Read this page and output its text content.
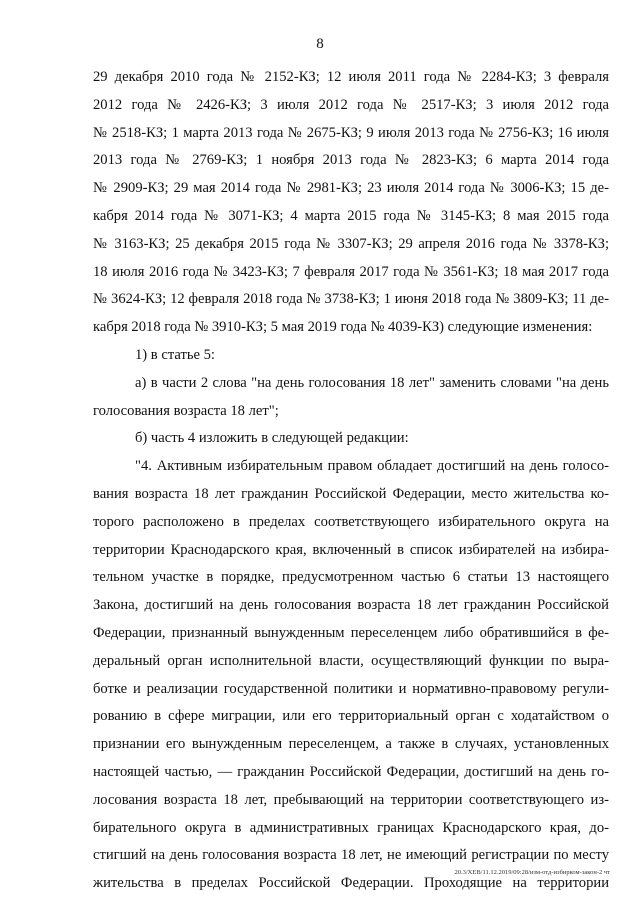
8
29 декабря 2010 года № 2152-КЗ; 12 июля 2011 года № 2284-КЗ; 3 февраля
2012 года № 2426-КЗ; 3 июля 2012 года № 2517-КЗ; 3 июля 2012 года
№ 2518-КЗ; 1 марта 2013 года № 2675-КЗ; 9 июля 2013 года № 2756-КЗ; 16 июля
2013 года № 2769-КЗ; 1 ноября 2013 года № 2823-КЗ; 6 марта 2014 года
№ 2909-КЗ; 29 мая 2014 года № 2981-КЗ; 23 июля 2014 года № 3006-КЗ; 15 де-
кабря 2014 года № 3071-КЗ; 4 марта 2015 года № 3145-КЗ; 8 мая 2015 года
№ 3163-КЗ; 25 декабря 2015 года № 3307-КЗ; 29 апреля 2016 года № 3378-КЗ;
18 июля 2016 года № 3423-КЗ; 7 февраля 2017 года № 3561-КЗ; 18 мая 2017 года
№ 3624-КЗ; 12 февраля 2018 года № 3738-КЗ; 1 июня 2018 года № 3809-КЗ; 11 де-
кабря 2018 года № 3910-КЗ; 5 мая 2019 года № 4039-КЗ) следующие изменения:
1) в статье 5:
а) в части 2 слова "на день голосования 18 лет" заменить словами "на день
голосования возраста 18 лет";
б) часть 4 изложить в следующей редакции:
"4. Активным избирательным правом обладает достигший на день голосо-
вания возраста 18 лет гражданин Российской Федерации, место жительства ко-
торого расположено в пределах соответствующего избирательного округа на
территории Краснодарского края, включенный в список избирателей на избира-
тельном участке в порядке, предусмотренном частью 6 статьи 13 настоящего
Закона, достигший на день голосования возраста 18 лет гражданин Российской
Федерации, признанный вынужденным переселенцем либо обратившийся в фе-
деральный орган исполнительной власти, осуществляющий функции по выра-
ботке и реализации государственной политики и нормативно-правовому регули-
рованию в сфере миграции, или его территориальный орган с ходатайством о
признании его вынужденным переселенцем, а также в случаях, установленных
настоящей частью, — гражданин Российской Федерации, достигший на день го-
лосования возраста 18 лет, пребывающий на территории соответствующего из-
бирательного округа в административных границах Краснодарского края, до-
стигший на день голосования возраста 18 лет, не имеющий регистрации по месту
жительства в пределах Российской Федерации. Проходящие на территории
20.3/ХЕВ/11.12.2019/09:28/изм-отд-избирком-закон-2 чт
